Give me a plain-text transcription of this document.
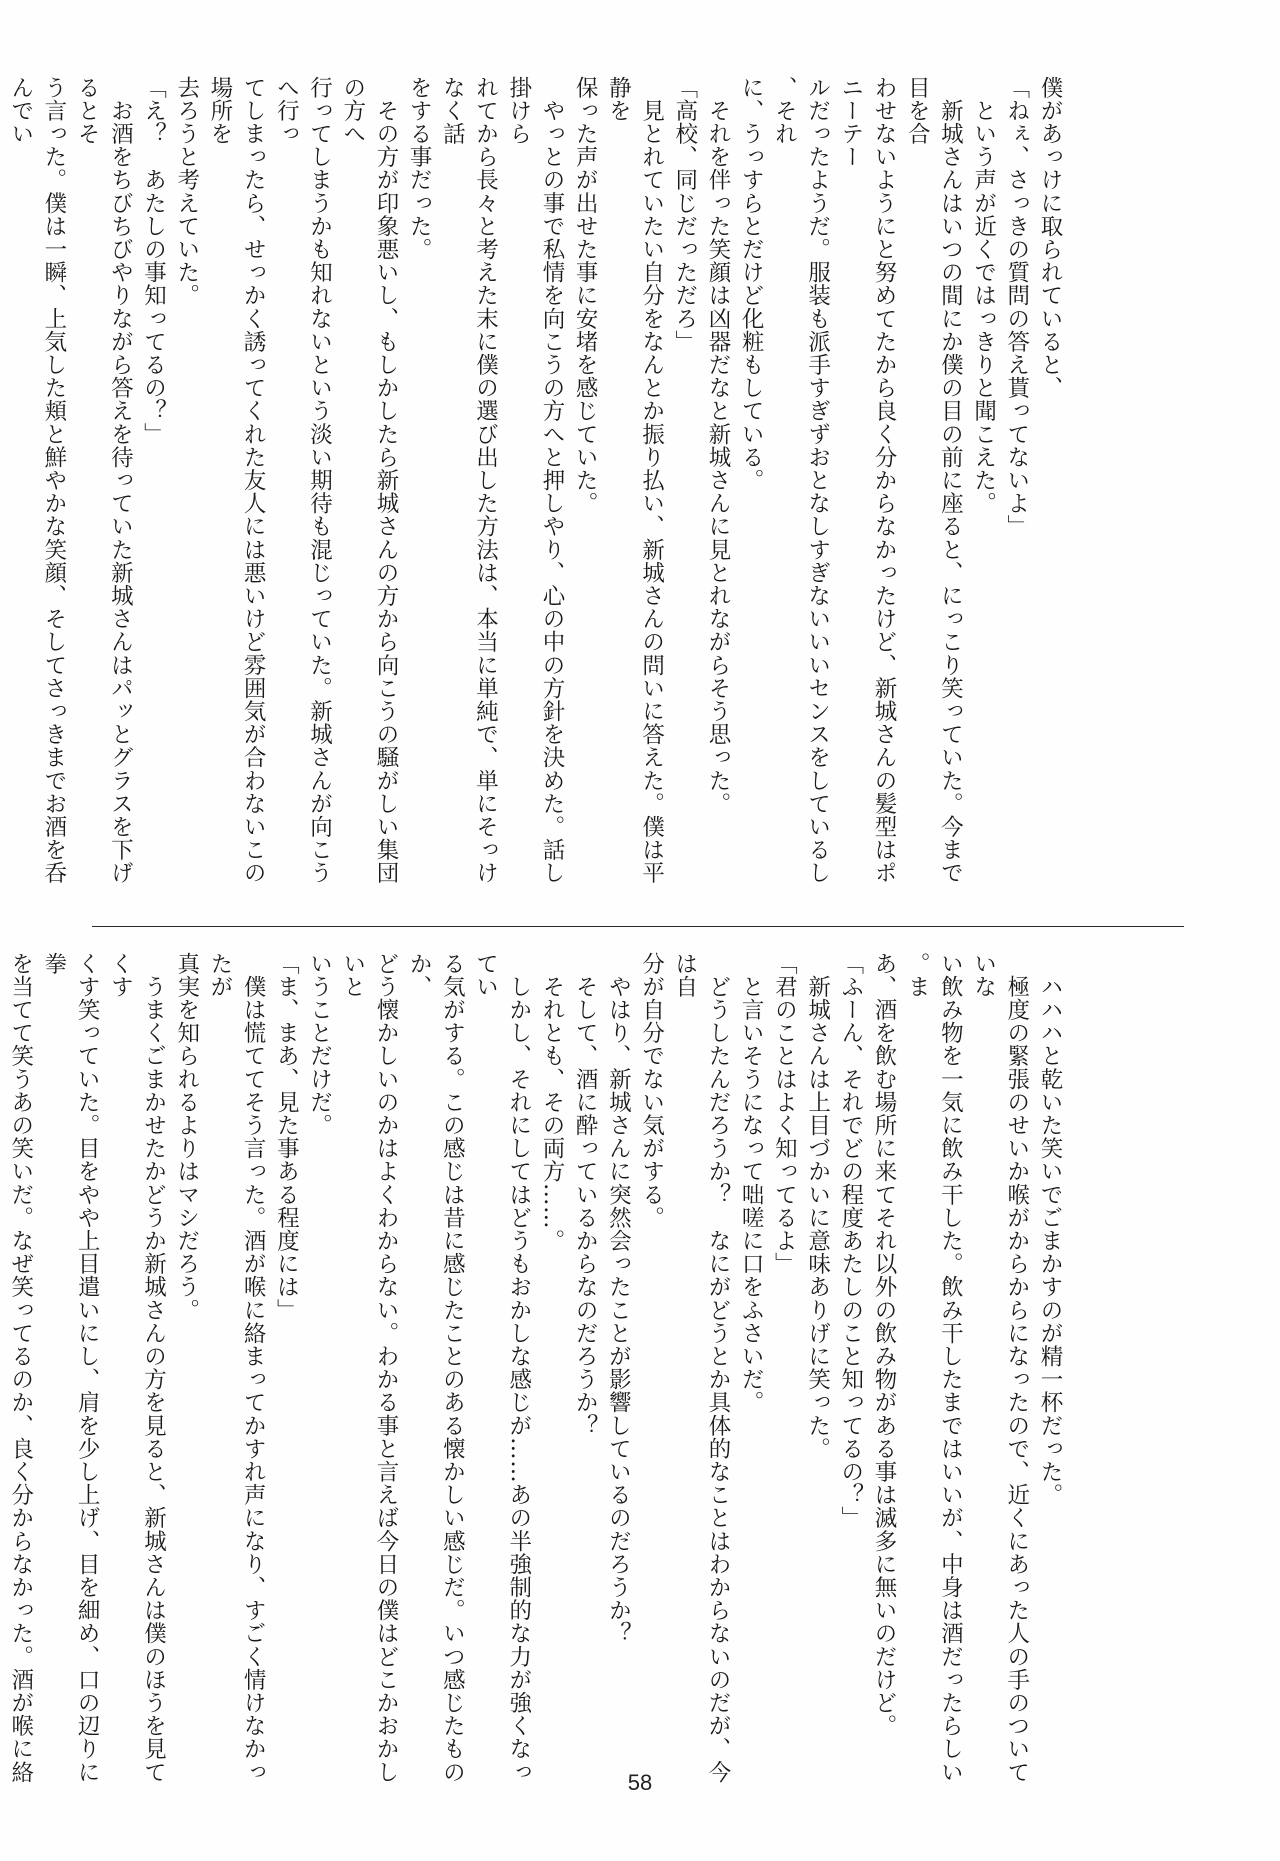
僕があっけに取られていると、
「ねぇ、さっきの質問の答え貰ってないよ」
　という声が近くではっきりと聞こえた。
　新城さんはいつの間にか僕の目の前に座ると、にっこり笑っていた。今まで目を合
わせないようにと努めてたから良く分からなかったけど、新城さんの髪型はポニーテー
ルだったようだ。服装も派手すぎずおとなしすぎないいいセンスをしているし、それ
に、うっすらとだけど化粧もしている。
　それを伴った笑顔は凶器だなと新城さんに見とれながらそう思った。
「高校、同じだっただろ」
　見とれていたい自分をなんとか振り払い、新城さんの問いに答えた。僕は平静を
保った声が出せた事に安堵を感じていた。
　やっとの事で私情を向こうの方へと押しやり、心の中の方針を決めた。話し掛けら
れてから長々と考えた末に僕の選び出した方法は、本当に単純で、単にそっけなく話
をする事だった。
　その方が印象悪いし、もしかしたら新城さんの方から向こうの騒がしい集団の方へ
行ってしまうかも知れないという淡い期待も混じっていた。新城さんが向こうへ行っ
てしまったら、せっかく誘ってくれた友人には悪いけど雰囲気が合わないこの場所を
去ろうと考えていた。
「え？　あたしの事知ってるの？」
　お酒をちびちびやりながら答えを待っていた新城さんはパッとグラスを下げるとそ
う言った。僕は一瞬、上気した頬と鮮やかな笑顔、そしてさっきまでお酒を呑んでい
　ハハハと乾いた笑いでごまかすのが精一杯だった。
　極度の緊張のせいか喉がからからになったので、近くにあった人の手のついていな
い飲み物を一気に飲み干した。飲み干したまではいいが、中身は酒だったらしい。ま
あ、酒を飲む場所に来てそれ以外の飲み物がある事は滅多に無いのだけど。
「ふーん、それでどの程度あたしのこと知ってるの？」
　新城さんは上目づかいに意味ありげに笑った。
「君のことはよく知ってるよ」
　と言いそうになって咄嗟に口をふさいだ。
　どうしたんだろうか？　なにがどうとか具体的なことはわからないのだが、今は自
分が自分でない気がする。
　やはり、新城さんに突然会ったことが影響しているのだろうか？
　そして、酒に酔っているからなのだろうか？
　それとも、その両方……。
　しかし、それにしてはどうもおかしな感じが……あの半強制的な力が強くなってい
る気がする。この感じは昔に感じたことのある懐かしい感じだ。いつ感じたものか、
どう懐かしいのかはよくわからない。わかる事と言えば今日の僕はどこかおかしいと
いうことだけだ。
「ま、まあ、見た事ある程度には」
　僕は慌ててそう言った。酒が喉に絡まってかすれ声になり、すごく情けなかったが
真実を知られるよりはマシだろう。
　うまくごまかせたかどうか新城さんの方を見ると、新城さんは僕のほうを見てくす
くす笑っていた。目をやや上目遣いにし、肩を少し上げ、目を細め、口の辺りに拳
を当てて笑うあの笑いだ。なぜ笑ってるのか、良く分からなかった。酒が喉に絡	58
